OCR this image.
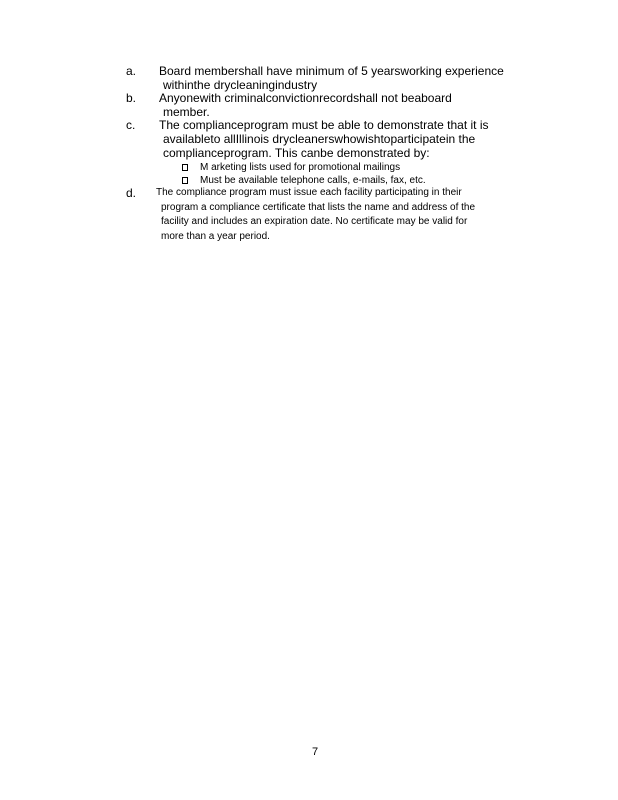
a. Board membershall have minimum of 5 yearsworking experience
withinthe drycleaningindustry
b. Anyonewith criminalconvictionrecordshall not beaboard
member.
c. The complianceprogram must be able to demonstrate that it is
availableto allIllinois drycleanerswhowishtoparticipatein the
complianceprogram. This canbe demonstrated by:
M arketing lists used for promotional mailings
Must be available telephone calls, e-mails, fax, etc.
d. The compliance program must issue each facility participating in their
program a compliance certificate that lists the name and address of the
facility and includes an expiration date. No certificate may be valid for
more than a year period.
7
